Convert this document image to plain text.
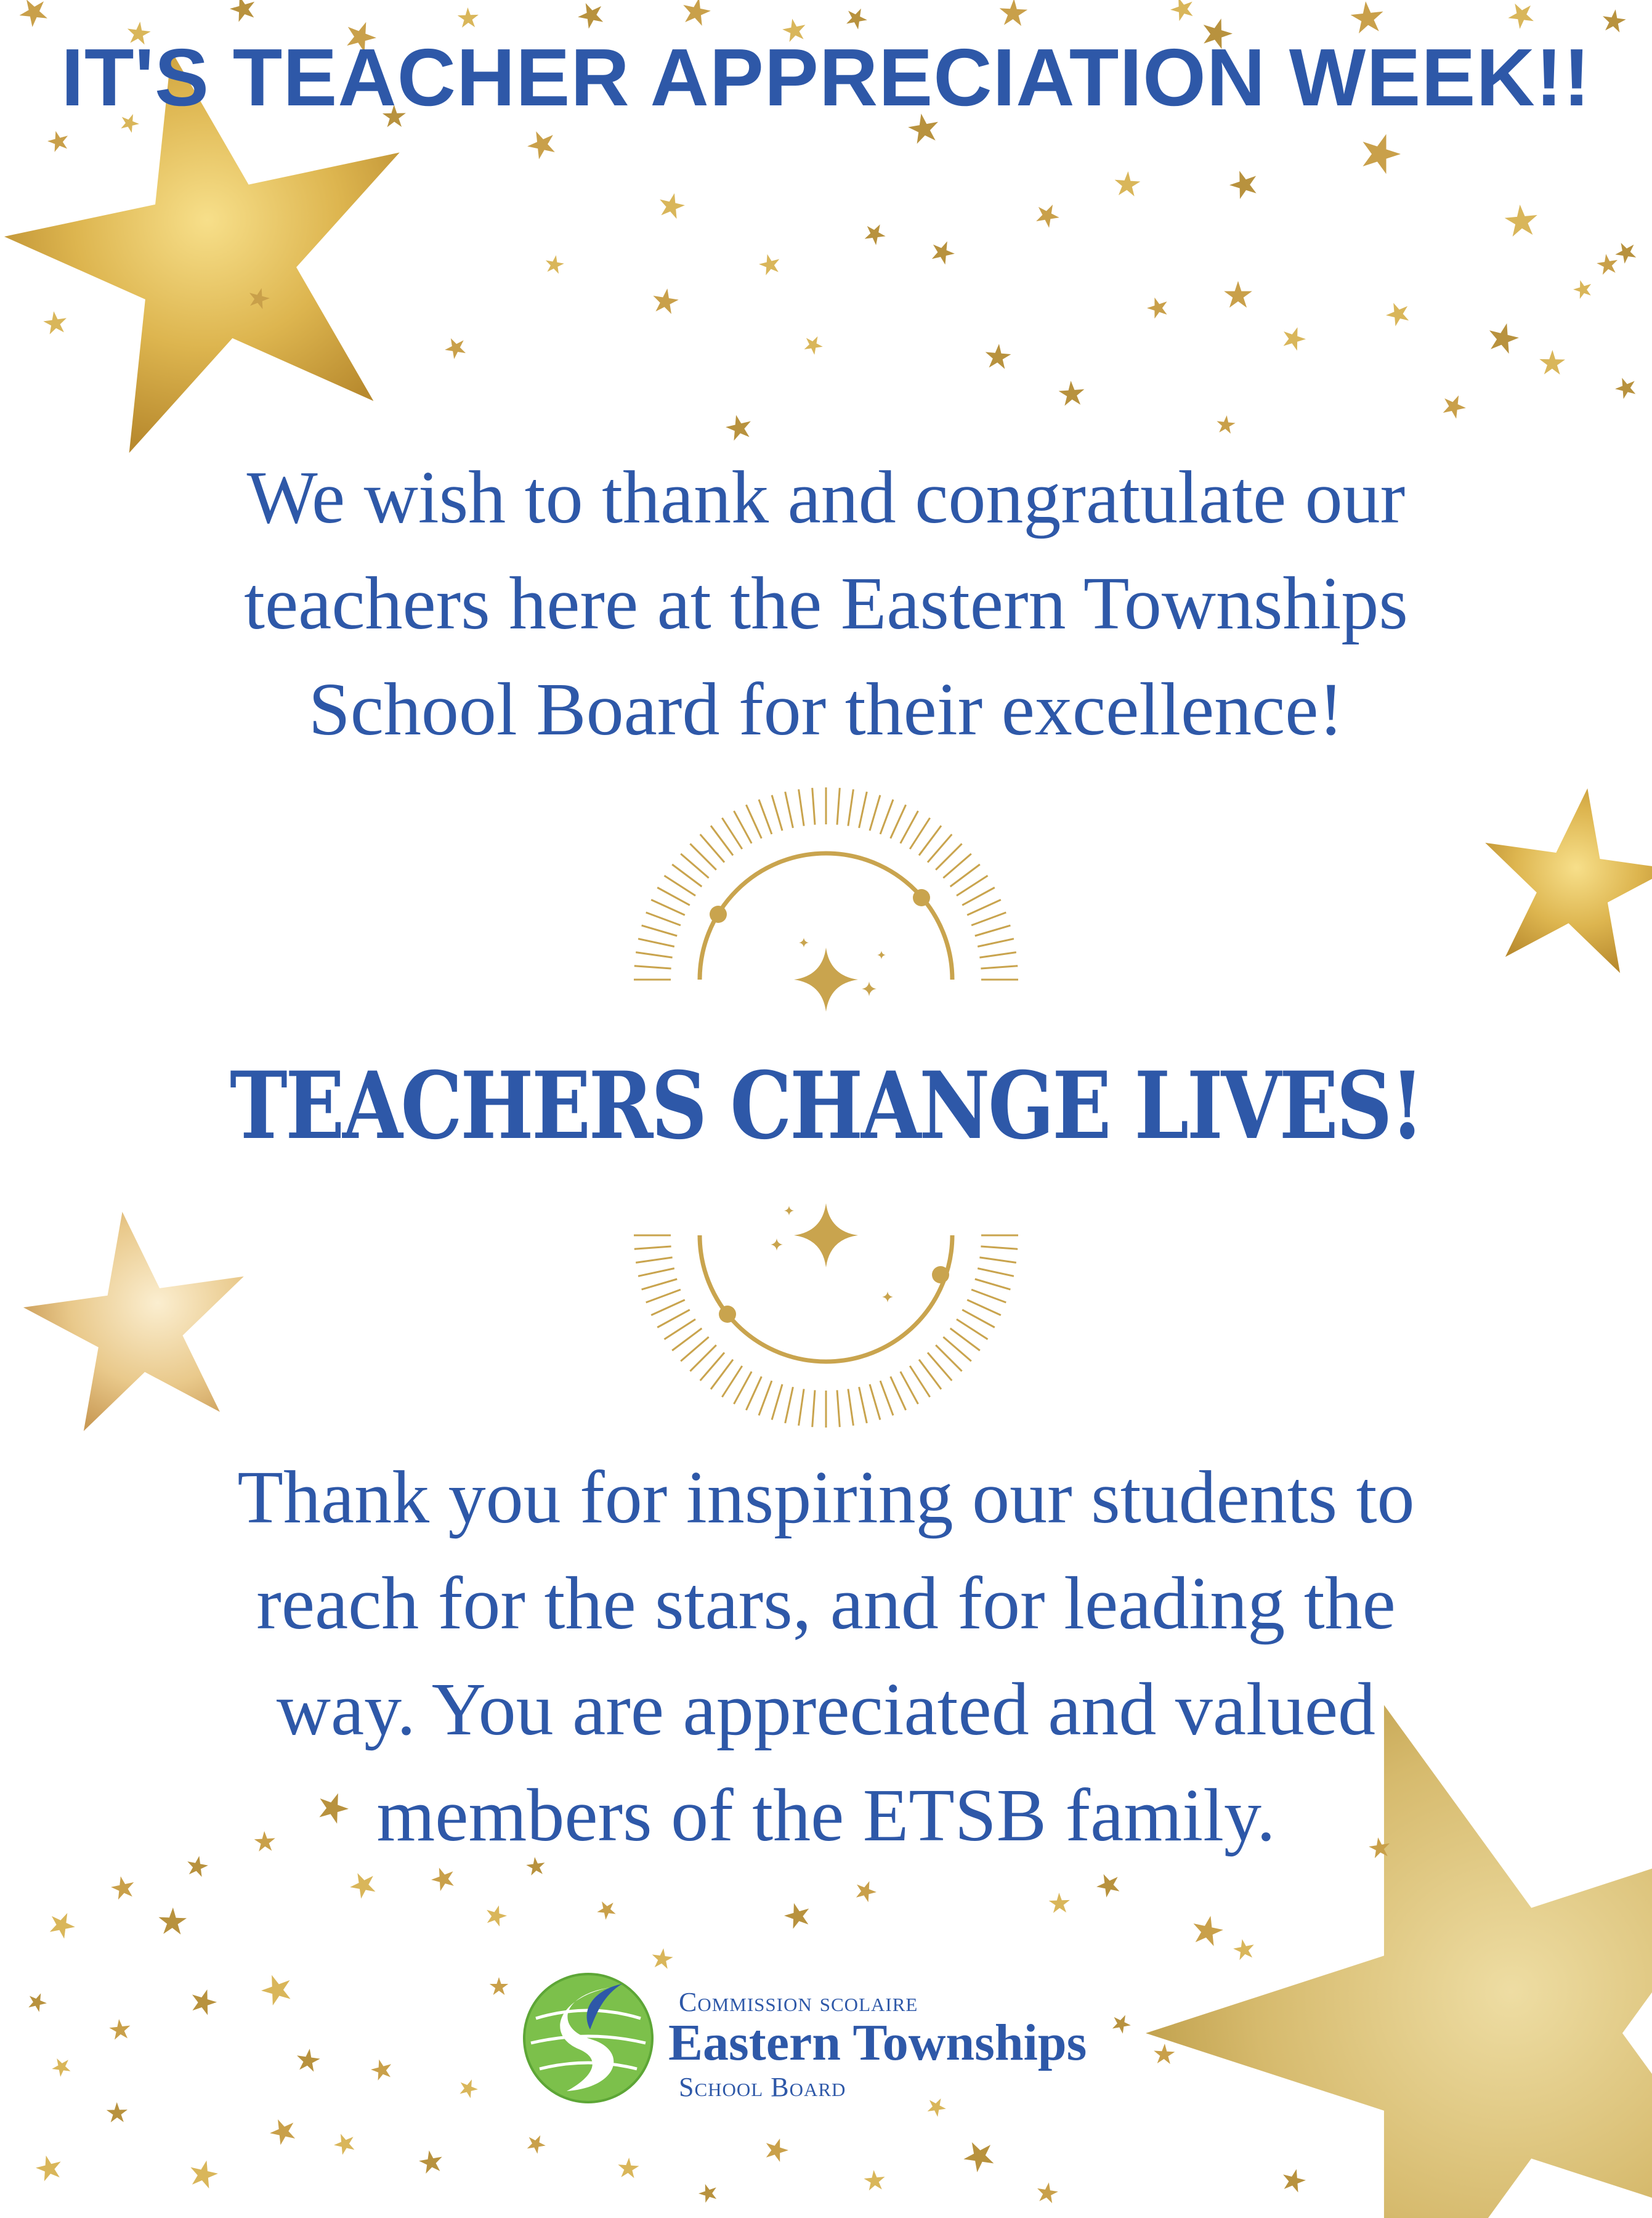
IT'S TEACHER APPRECIATION WEEK!!
We wish to thank and congratulate our
teachers here at the Eastern Townships
School Board for their excellence!
TEACHERS CHANGE LIVES!
Thank you for inspiring our students to
reach for the stars, and for leading the
way. You are appreciated and valued
members of the ETSB family.
Commission scolaire
Eastern Townships
School Board
